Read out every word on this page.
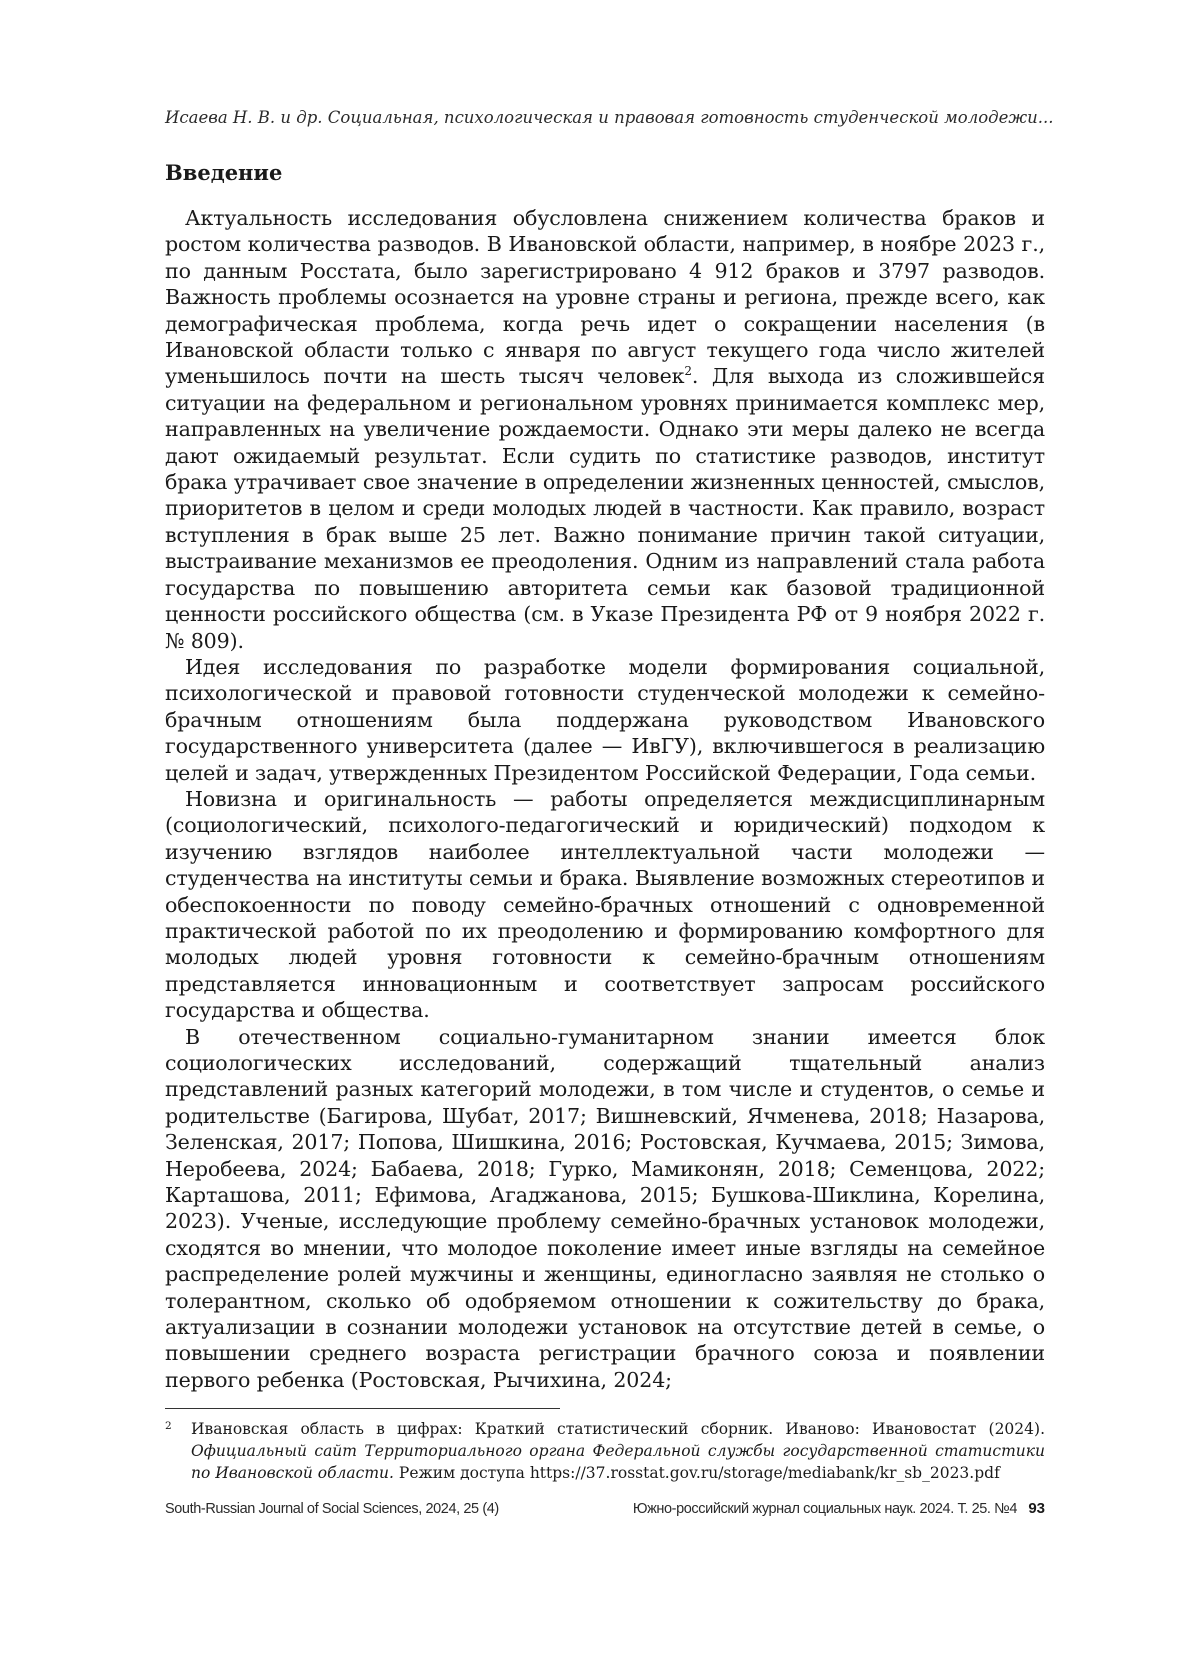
Исаева Н. В. и др. Социальная, психологическая и правовая готовность студенческой молодежи...
Введение

Актуальность исследования обусловлена снижением количества браков и ростом количества разводов. В Ивановской области, например, в ноябре 2023 г., по данным Росстата, было зарегистрировано 4 912 браков и 3797 разводов. Важность проблемы осознается на уровне страны и региона, прежде всего, как демографическая проблема, когда речь идет о сокращении населения (в Ивановской области только с января по август текущего года число жителей уменьшилось почти на шесть тысяч человек$^2$. Для выхода из сложившейся ситуации на федеральном и региональном уровнях принимается комплекс мер, направленных на увеличение рождаемости. Однако эти меры далеко не всегда дают ожидаемый результат. Если судить по статистике разводов, институт брака утрачивает свое значение в определении жизненных ценностей, смыслов, приоритетов в целом и среди молодых людей в частности. Как правило, возраст вступления в брак выше 25 лет. Важно понимание причин такой ситуации, выстраивание механизмов ее преодоления. Одним из направлений стала работа государства по повышению авторитета семьи как базовой традиционной ценности российского общества (см. в Указе Президента РФ от 9 ноября 2022 г. № 809).

Идея исследования по разработке модели формирования социальной, психологической и правовой готовности студенческой молодежи к семейно-брачным отношениям была поддержана руководством Ивановского государственного университета (далее — ИвГУ), включившегося в реализацию целей и задач, утвержденных Президентом Российской Федерации, Года семьи.

Новизна и оригинальность — работы определяется междисциплинарным (социологический, психолого-педагогический и юридический) подходом к изучению взглядов наиболее интеллектуальной части молодежи — студенчества на институты семьи и брака. Выявление возможных стереотипов и обеспокоенности по поводу семейно-брачных отношений с одновременной практической работой по их преодолению и формированию комфортного для молодых людей уровня готовности к семейно-брачным отношениям представляется инновационным и соответствует запросам российского государства и общества.

В отечественном социально-гуманитарном знании имеется блок социологических исследований, содержащий тщательный анализ представлений разных категорий молодежи, в том числе и студентов, о семье и родительстве (Багирова, Шубат, 2017; Вишневский, Ячменева, 2018; Назарова, Зеленская, 2017; Попова, Шишкина, 2016; Ростовская, Кучмаева, 2015; Зимова, Неробеева, 2024; Бабаева, 2018; Гурко, Мамиконян, 2018; Семенцова, 2022; Карташова, 2011; Ефимова, Агаджанова, 2015; Бушкова-Шиклина, Корелина, 2023). Ученые, исследующие проблему семейно-брачных установок молодежи, сходятся во мнении, что молодое поколение имеет иные взгляды на семейное распределение ролей мужчины и женщины, единогласно заявляя не столько о толерантном, сколько об одобряемом отношении к сожительству до брака, актуализации в сознании молодежи установок на отсутствие детей в семье, о повышении среднего возраста регистрации брачного союза и появлении первого ребенка (Ростовская, Рычихина, 2024;

2 Ивановская область в цифрах: Краткий статистический сборник. Иваново: Ивановостат (2024). Официальный сайт Территориального органа Федеральной службы государственной статистики по Ивановской области. Режим доступа https://37.rosstat.gov.ru/storage/mediabank/kr_sb_2023.pdf
South-Russian Journal of Social Sciences, 2024, 25 (4)	Южно-российский журнал социальных наук. 2024. Т. 25. №4 93
